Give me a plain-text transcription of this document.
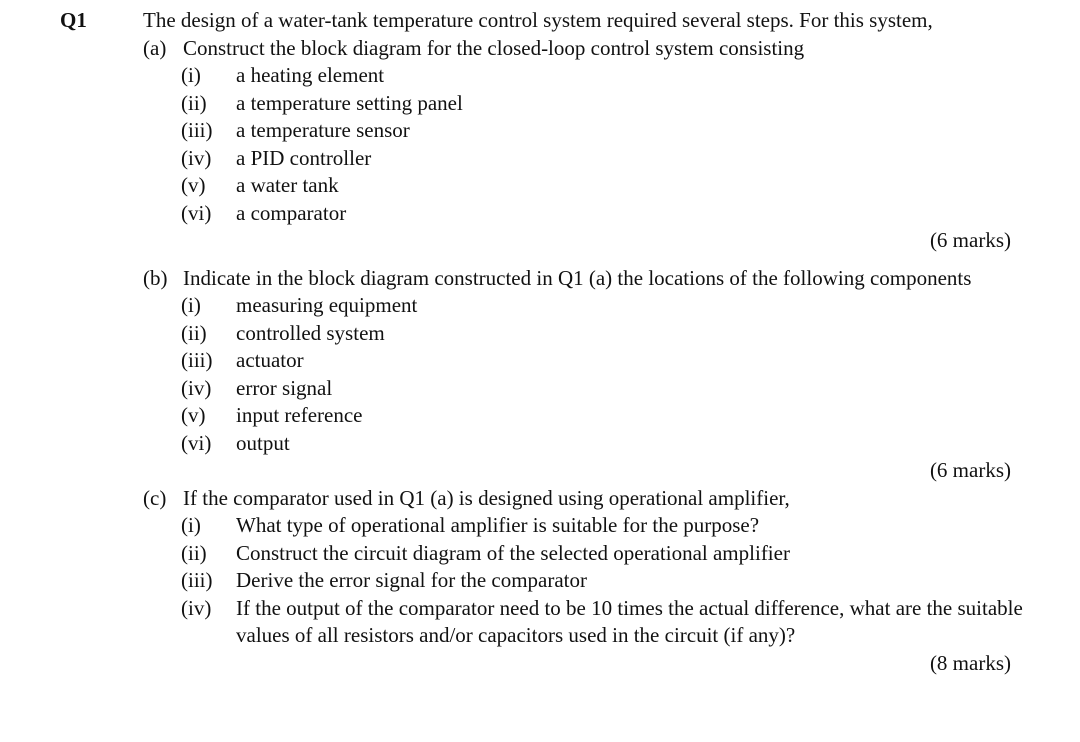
Q1	The design of a water-tank temperature control system required several steps. For this system,

(a) Construct the block diagram for the closed-loop control system consisting
(i)	a heating element
(ii)	a temperature setting panel
(iii)	a temperature sensor
(iv)	a PID controller
(v)	a water tank
(vi)	a comparator
(6 marks)
(b) Indicate in the block diagram constructed in Q1 (a) the locations of the following components
(i)	measuring equipment
(ii)	controlled system
(iii)	actuator
(iv)	error signal
(v)	input reference
(vi)	output
(6 marks)
(c) If the comparator used in Q1 (a) is designed using operational amplifier,
(i)	What type of operational amplifier is suitable for the purpose?
(ii)	Construct the circuit diagram of the selected operational amplifier
(iii)	Derive the error signal for the comparator
(iv)	If the output of the comparator need to be 10 times the actual difference, what are the suitable values of all resistors and/or capacitors used in the circuit (if any)?
(8 marks)
